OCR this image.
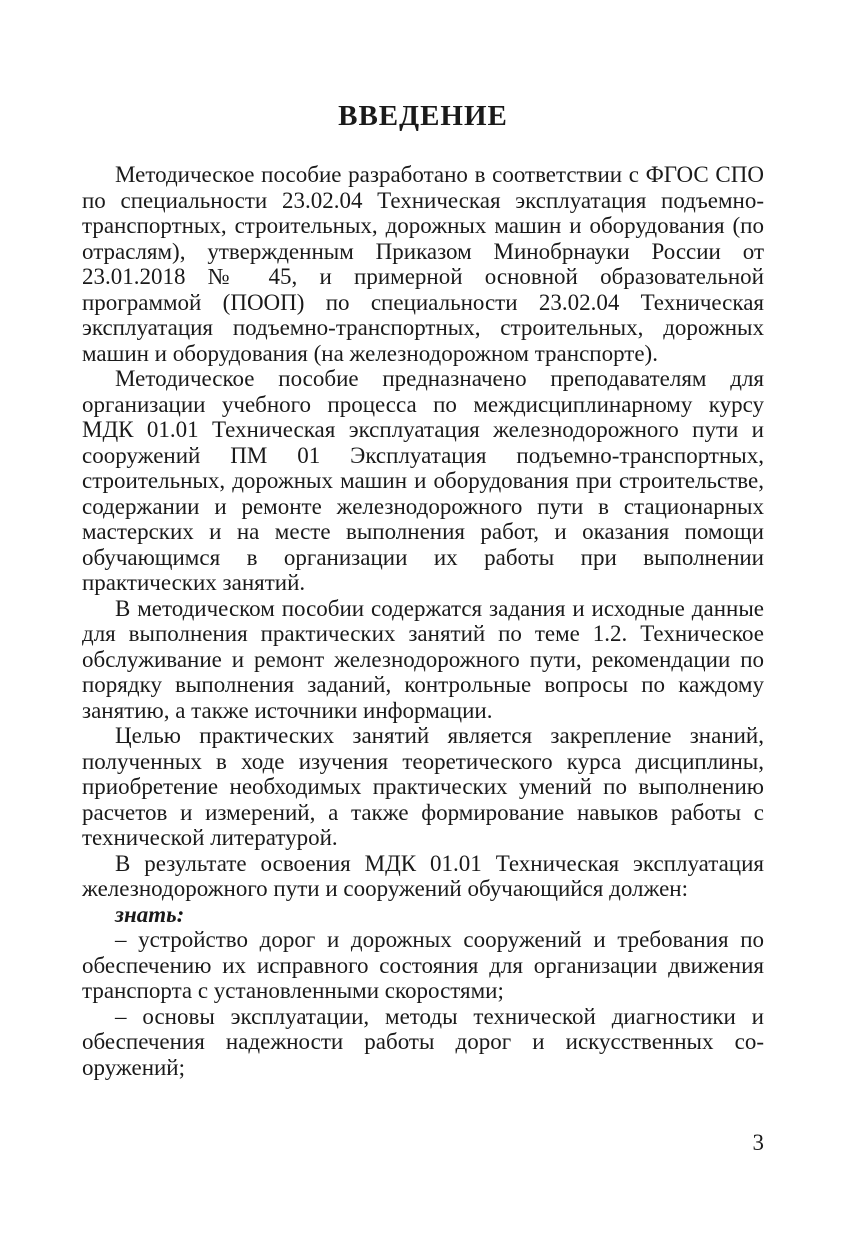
ВВЕДЕНИЕ

Методическое пособие разработано в соответствии с ФГОС СПО по специальности 23.02.04 Техническая эксплуатация подъемно-транспортных, строительных, дорожных машин и оборудования (по отраслям), утвержденным Приказом Минобрнауки России от 23.01.2018 № 45, и примерной основной образовательной программой (ПООП) по специальности 23.02.04 Техническая эксплуатация подъемно-транспортных, строительных, дорожных машин и оборудования (на железнодорожном транспорте).

Методическое пособие предназначено преподавателям для организации учебного процесса по междисциплинарному курсу МДК 01.01 Техническая эксплуатация железнодорожного пути и сооружений ПМ 01 Эксплуатация подъемно-транспортных, строительных, дорожных машин и оборудования при строительстве, содержании и ремонте железнодорожного пути в стационарных мастерских и на месте выполнения работ, и оказания помощи обучающимся в организации их работы при выполнении практических занятий.

В методическом пособии содержатся задания и исходные данные для выполнения практических занятий по теме 1.2. Техническое обслуживание и ремонт железнодорожного пути, рекомендации по порядку выполнения заданий, контрольные вопросы по каждому занятию, а также источники информации.

Целью практических занятий является закрепление знаний, полученных в ходе изучения теоретического курса дисциплины, приобретение необходимых практических умений по выполнению расчетов и измерений, а также формирование навыков работы с технической литературой.

В результате освоения МДК 01.01 Техническая эксплуатация железнодорожного пути и сооружений обучающийся должен:

знать:

– устройство дорог и дорожных сооружений и требования по обеспечению их исправного состояния для организации движения транспорта с установленными скоростями;

– основы эксплуатации, методы технической диагностики и обеспечения надежности работы дорог и искусственных сооружений;

3
